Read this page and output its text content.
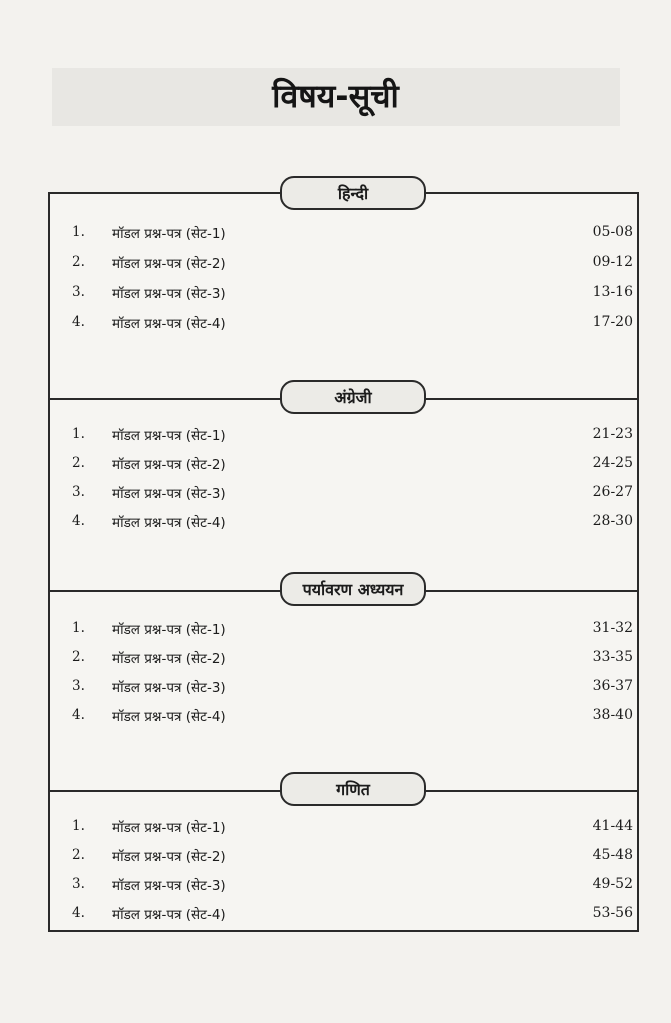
विषय-सूची
हिन्दी
1. मॉडल प्रश्न-पत्र (सेट-1)	05-08
2. मॉडल प्रश्न-पत्र (सेट-2)	09-12
3. मॉडल प्रश्न-पत्र (सेट-3)	13-16
4. मॉडल प्रश्न-पत्र (सेट-4)	17-20
अंग्रेजी
1. मॉडल प्रश्न-पत्र (सेट-1)	21-23
2. मॉडल प्रश्न-पत्र (सेट-2)	24-25
3. मॉडल प्रश्न-पत्र (सेट-3)	26-27
4. मॉडल प्रश्न-पत्र (सेट-4)	28-30
पर्यावरण अध्ययन
1. मॉडल प्रश्न-पत्र (सेट-1)	31-32
2. मॉडल प्रश्न-पत्र (सेट-2)	33-35
3. मॉडल प्रश्न-पत्र (सेट-3)	36-37
4. मॉडल प्रश्न-पत्र (सेट-4)	38-40
गणित
1. मॉडल प्रश्न-पत्र (सेट-1)	41-44
2. मॉडल प्रश्न-पत्र (सेट-2)	45-48
3. मॉडल प्रश्न-पत्र (सेट-3)	49-52
4. मॉडल प्रश्न-पत्र (सेट-4)	53-56
